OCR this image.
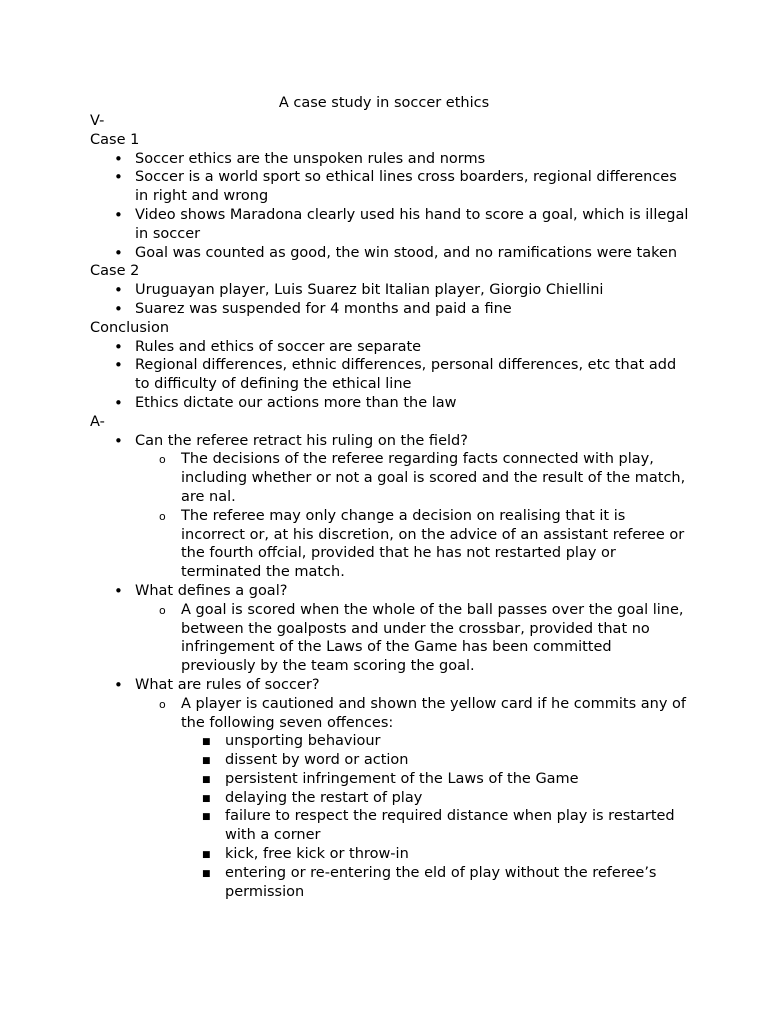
A case study in soccer ethics

V-

Case 1

• Soccer ethics are the unspoken rules and norms
• Soccer is a world sport so ethical lines cross boarders, regional differences in right and wrong
• Video shows Maradona clearly used his hand to score a goal, which is illegal in soccer
• Goal was counted as good, the win stood, and no ramifications were taken

Case 2

• Uruguayan player, Luis Suarez bit Italian player, Giorgio Chiellini
• Suarez was suspended for 4 months and paid a fine

Conclusion

• Rules and ethics of soccer are separate
• Regional differences, ethnic differences, personal differences, etc that add to difficulty of defining the ethical line
• Ethics dictate our actions more than the law

A-

• Can the referee retract his ruling on the field?
o The decisions of the referee regarding facts connected with play, including whether or not a goal is scored and the result of the match, are nal.
o The referee may only change a decision on realising that it is incorrect or, at his discretion, on the advice of an assistant referee or the fourth offcial, provided that he has not restarted play or terminated the match.
• What defines a goal?
o A goal is scored when the whole of the ball passes over the goal line, between the goalposts and under the crossbar, provided that no infringement of the Laws of the Game has been committed previously by the team scoring the goal.
• What are rules of soccer?
o A player is cautioned and shown the yellow card if he commits any of the following seven offences:
■ unsporting behaviour
■ dissent by word or action
■ persistent infringement of the Laws of the Game
■ delaying the restart of play
■ failure to respect the required distance when play is restarted with a corner
■ kick, free kick or throw-in
■ entering or re-entering the eld of play without the referee’s permission
